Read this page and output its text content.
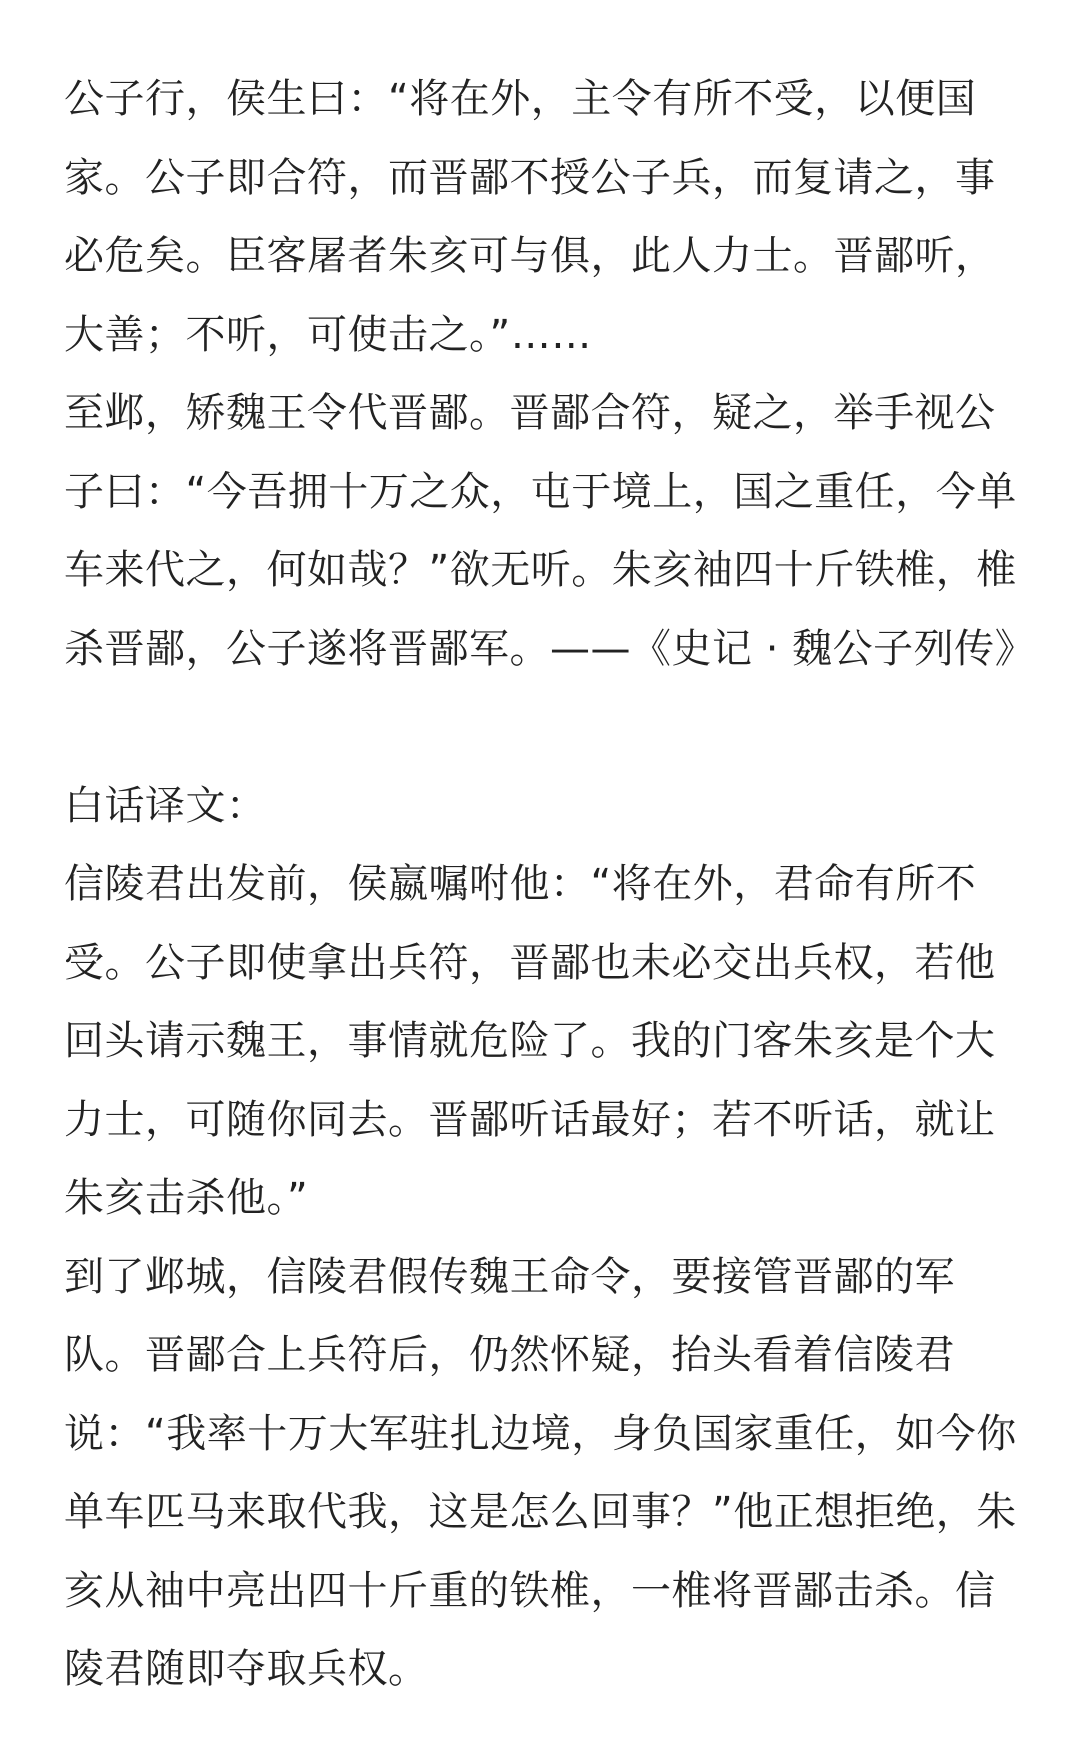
公子行，侯生曰：“将在外，主令有所不受，以便国家。公子即合符，而晋鄙不授公子兵，而复请之，事必危矣。臣客屠者朱亥可与俱，此人力士。晋鄙听，大善；不听，可使击之。”……

至邺，矫魏王令代晋鄙。晋鄙合符，疑之，举手视公子曰：“今吾拥十万之众，屯于境上，国之重任，今单车来代之，何如哉？”欲无听。朱亥袖四十斤铁椎，椎杀晋鄙，公子遂将晋鄙军。——《史记 · 魏公子列传》

白话译文：

信陵君出发前，侯嬴嘱咐他：“将在外，君命有所不受。公子即使拿出兵符，晋鄙也未必交出兵权，若他回头请示魏王，事情就危险了。我的门客朱亥是个大力士，可随你同去。晋鄙听话最好；若不听话，就让朱亥击杀他。”

到了邺城，信陵君假传魏王命令，要接管晋鄙的军队。晋鄙合上兵符后，仍然怀疑，抬头看着信陵君说：“我率十万大军驻扎边境，身负国家重任，如今你单车匹马来取代我，这是怎么回事？”他正想拒绝，朱亥从袖中亮出四十斤重的铁椎，一椎将晋鄙击杀。信陵君随即夺取兵权。
